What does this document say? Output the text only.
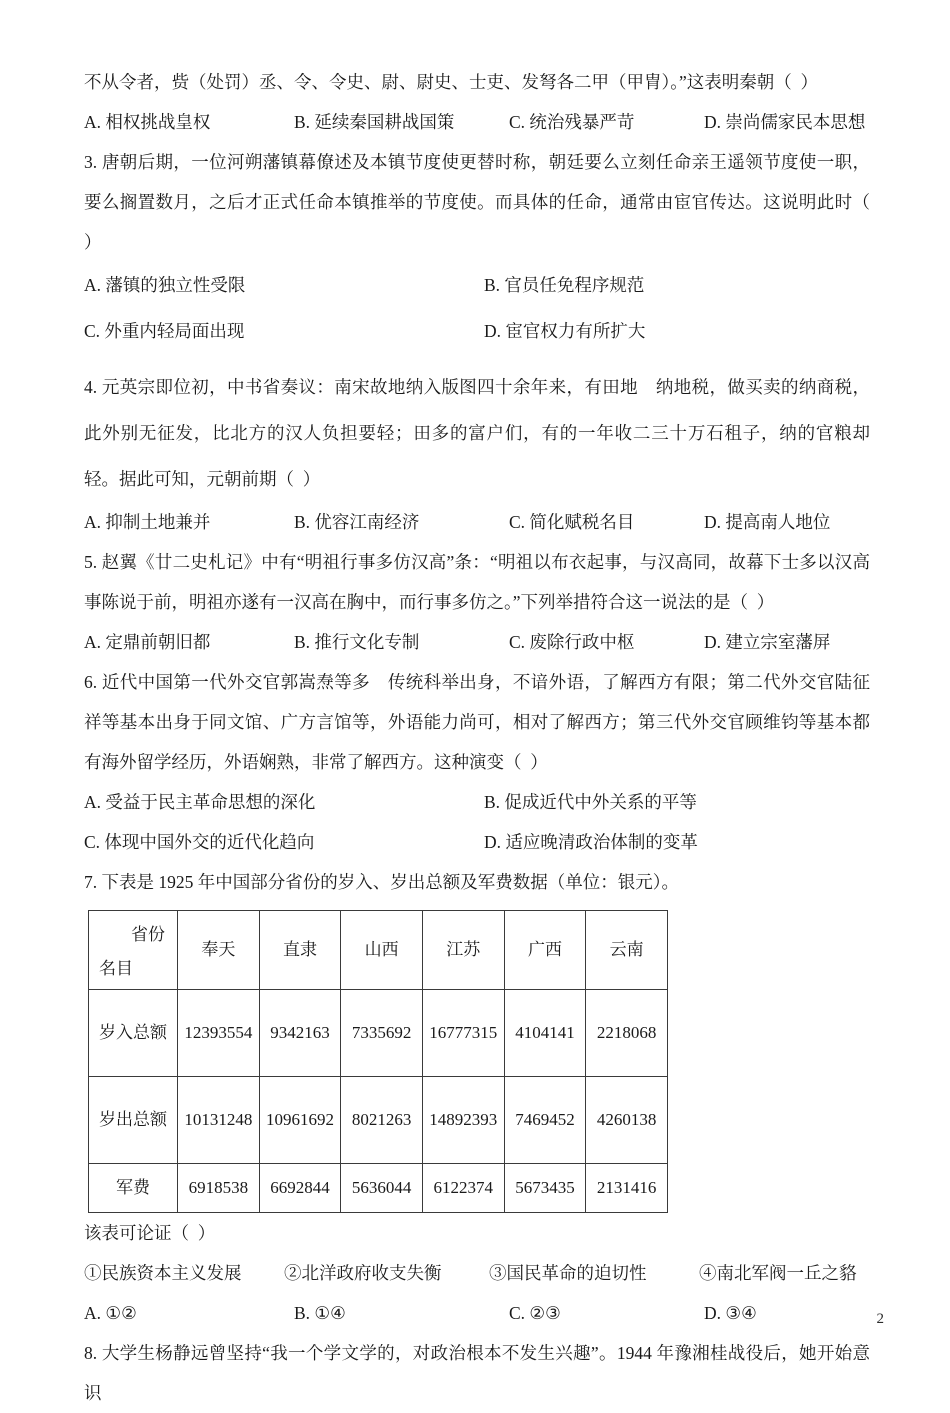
不从令者，赀（处罚）丞、令、令史、尉、尉史、士吏、发弩各二甲（甲胄）。”这表明秦朝（  ）

A. 相权挑战皇权	B. 延续秦国耕战国策	C. 统治残暴严苛	D. 崇尚儒家民本思想

3. 唐朝后期，一位河朔藩镇幕僚述及本镇节度使更替时称，朝廷要么立刻任命亲王遥领节度使一职，要么搁置数月，之后才正式任命本镇推举的节度使。而具体的任命，通常由宦官传达。这说明此时（  ）

A. 藩镇的独立性受限	B. 官员任免程序规范
C. 外重内轻局面出现	D. 宦官权力有所扩大

4. 元英宗即位初，中书省奏议：南宋故地纳入版图四十余年来，有田地　纳地税，做买卖的纳商税，此外别无征发，比北方的汉人负担要轻；田多的富户们，有的一年收二三十万石租子，纳的官粮却轻。据此可知，元朝前期（  ）

A. 抑制土地兼并	B. 优容江南经济	C. 简化赋税名目	D. 提高南人地位

5. 赵翼《廿二史札记》中有“明祖行事多仿汉高”条：“明祖以布衣起事，与汉高同，故幕下士多以汉高事陈说于前，明祖亦遂有一汉高在胸中，而行事多仿之。”下列举措符合这一说法的是（  ）

A. 定鼎前朝旧都	B. 推行文化专制	C. 废除行政中枢	D. 建立宗室藩屏

6. 近代中国第一代外交官郭嵩焘等多　传统科举出身，不谙外语，了解西方有限；第二代外交官陆征祥等基本出身于同文馆、广方言馆等，外语能力尚可，相对了解西方；第三代外交官顾维钧等基本都有海外留学经历，外语娴熟，非常了解西方。这种演变（  ）

A. 受益于民主革命思想的深化	B. 促成近代中外关系的平等
C. 体现中国外交的近代化趋向	D. 适应晚清政治体制的变革

7. 下表是 1925 年中国部分省份的岁入、岁出总额及军费数据（单位：银元）。

省份
名目	奉天	直隶	山西	江苏	广西	云南
岁入总额	12393554	9342163	7335692	16777315	4104141	2218068
岁出总额	10131248	10961692	8021263	14892393	7469452	4260138
军费	6918538	6692844	5636044	6122374	5673435	2131416

该表可论证（  ）

①民族资本主义发展	②北洋政府收支失衡	③国民革命的迫切性	④南北军阀一丘之貉
A. ①②	B. ①④	C. ②③	D. ③④

8. 大学生杨静远曾坚持“我一个学文学的，对政治根本不发生兴趣”。1944 年豫湘桂战役后，她开始意识

2
